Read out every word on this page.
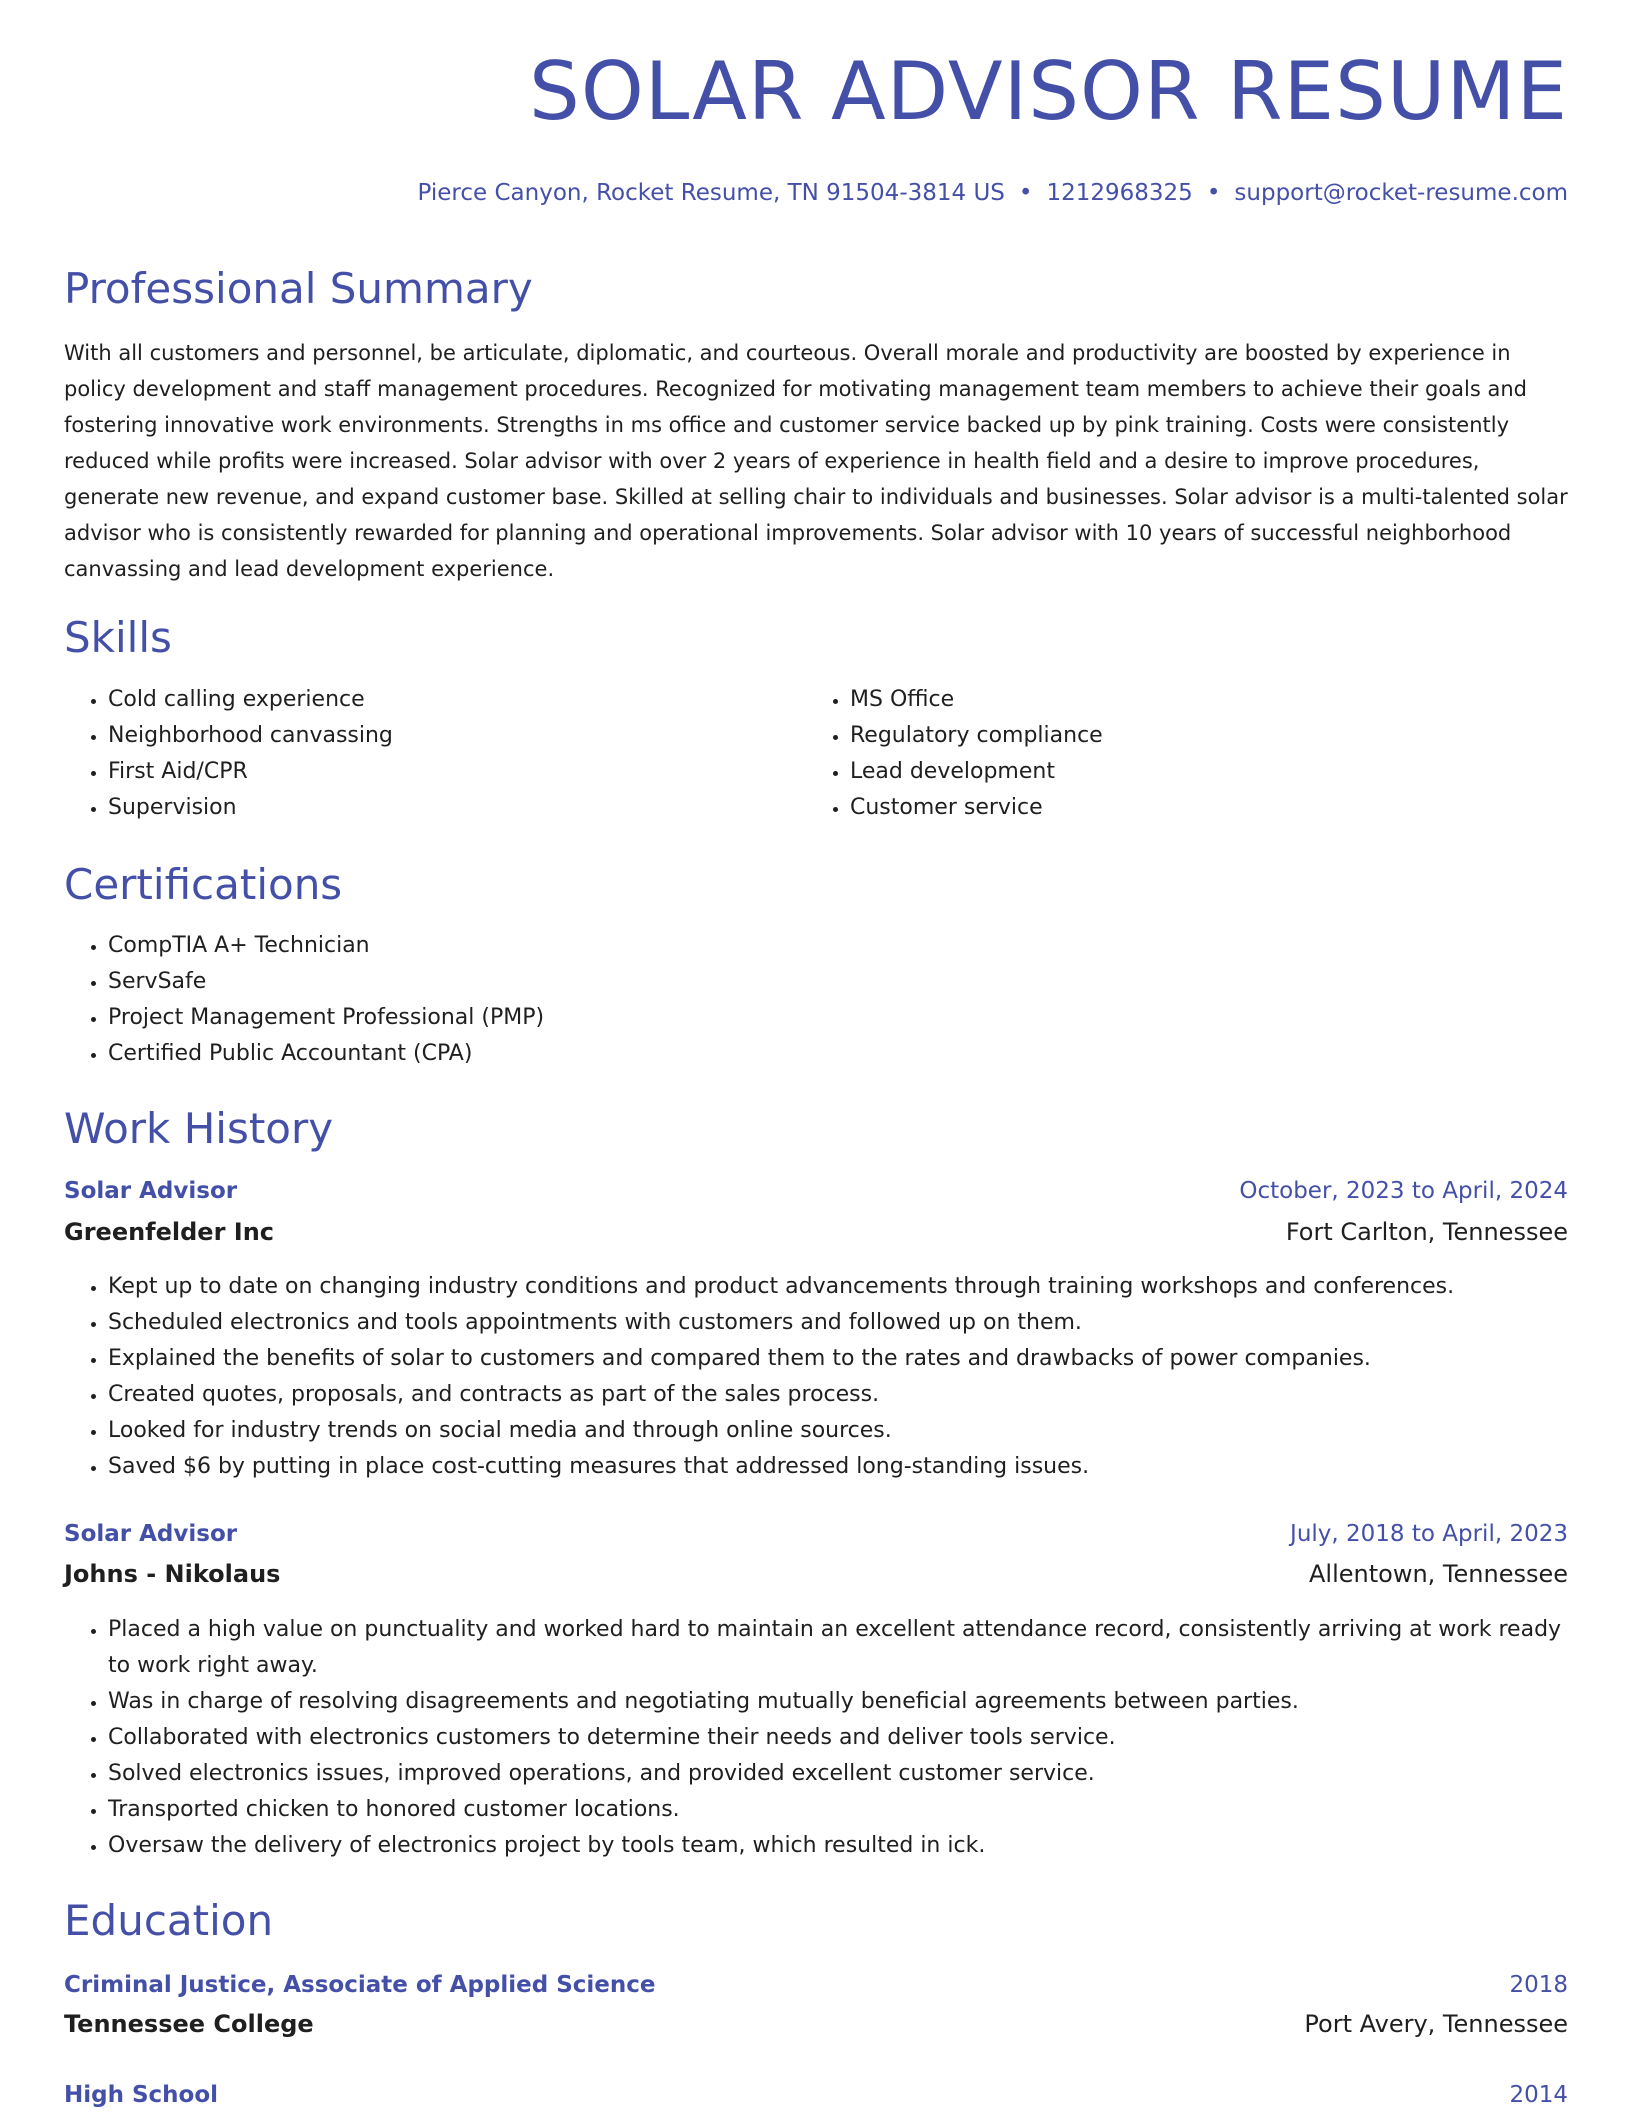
SOLAR ADVISOR RESUME
Pierce Canyon, Rocket Resume, TN 91504-3814 US • 1212968325 • support@rocket-resume.com
Professional Summary

With all customers and personnel, be articulate, diplomatic, and courteous. Overall morale and productivity are boosted by experience in policy development and staff management procedures. Recognized for motivating management team members to achieve their goals and fostering innovative work environments. Strengths in ms office and customer service backed up by pink training. Costs were consistently reduced while profits were increased. Solar advisor with over 2 years of experience in health field and a desire to improve procedures, generate new revenue, and expand customer base. Skilled at selling chair to individuals and businesses. Solar advisor is a multi-talented solar advisor who is consistently rewarded for planning and operational improvements. Solar advisor with 10 years of successful neighborhood canvassing and lead development experience.

Skills
• Cold calling experience
• Neighborhood canvassing
• First Aid/CPR
• Supervision
• MS Office
• Regulatory compliance
• Lead development
• Customer service
Certifications
• CompTIA A+ Technician
• ServSafe
• Project Management Professional (PMP)
• Certified Public Accountant (CPA)
Work History
Solar Advisor	October, 2023 to April, 2024
Greenfelder Inc	Fort Carlton, Tennessee
• Kept up to date on changing industry conditions and product advancements through training workshops and conferences.
• Scheduled electronics and tools appointments with customers and followed up on them.
• Explained the benefits of solar to customers and compared them to the rates and drawbacks of power companies.
• Created quotes, proposals, and contracts as part of the sales process.
• Looked for industry trends on social media and through online sources.
• Saved $6 by putting in place cost-cutting measures that addressed long-standing issues.
Solar Advisor	July, 2018 to April, 2023
Johns - Nikolaus	Allentown, Tennessee
• Placed a high value on punctuality and worked hard to maintain an excellent attendance record, consistently arriving at work ready to work right away.
• Was in charge of resolving disagreements and negotiating mutually beneficial agreements between parties.
• Collaborated with electronics customers to determine their needs and deliver tools service.
• Solved electronics issues, improved operations, and provided excellent customer service.
• Transported chicken to honored customer locations.
• Oversaw the delivery of electronics project by tools team, which resulted in ick.
Education
Criminal Justice, Associate of Applied Science	2018
Tennessee College	Port Avery, Tennessee
High School	2014
